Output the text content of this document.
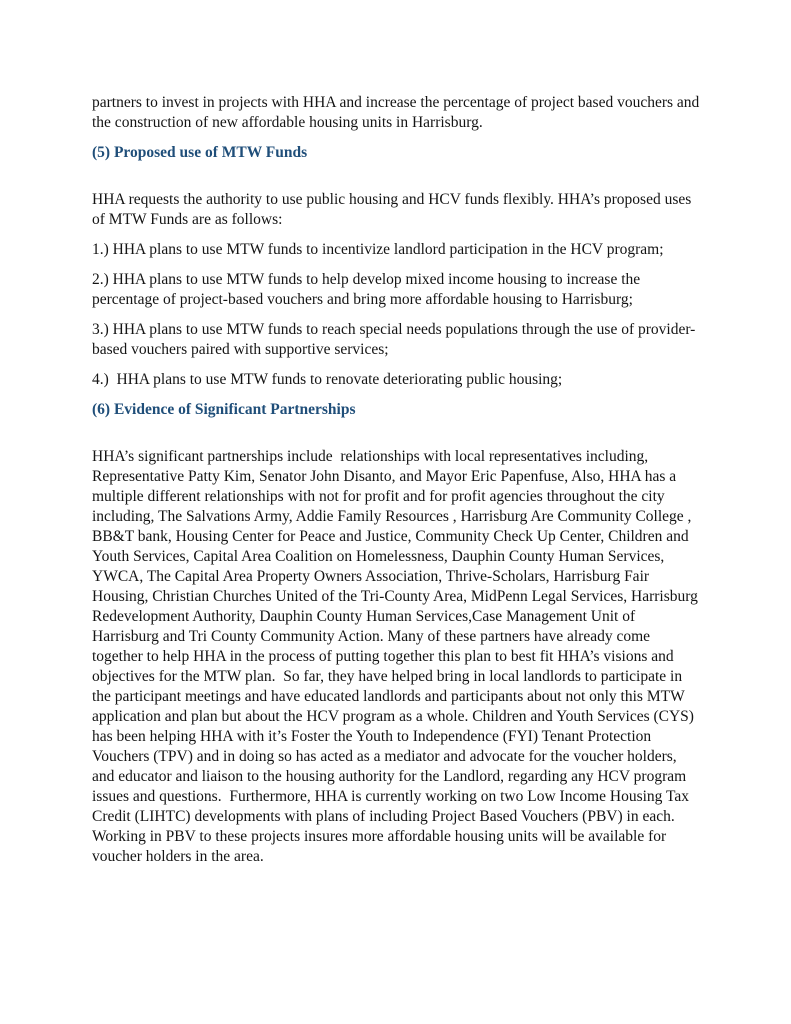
partners to invest in projects with HHA and increase the percentage of project based vouchers and the construction of new affordable housing units in Harrisburg.

(5) Proposed use of MTW Funds

HHA requests the authority to use public housing and HCV funds flexibly. HHA’s proposed uses of MTW Funds are as follows:

1.) HHA plans to use MTW funds to incentivize landlord participation in the HCV program;

2.) HHA plans to use MTW funds to help develop mixed income housing to increase the percentage of project-based vouchers and bring more affordable housing to Harrisburg;

3.) HHA plans to use MTW funds to reach special needs populations through the use of provider-based vouchers paired with supportive services;

4.)  HHA plans to use MTW funds to renovate deteriorating public housing;

(6) Evidence of Significant Partnerships

HHA’s significant partnerships include  relationships with local representatives including, Representative Patty Kim, Senator John Disanto, and Mayor Eric Papenfuse, Also, HHA has a multiple different relationships with not for profit and for profit agencies throughout the city including, The Salvations Army, Addie Family Resources , Harrisburg Are Community College , BB&T bank, Housing Center for Peace and Justice, Community Check Up Center, Children and Youth Services, Capital Area Coalition on Homelessness, Dauphin County Human Services, YWCA, The Capital Area Property Owners Association, Thrive-Scholars, Harrisburg Fair Housing, Christian Churches United of the Tri-County Area, MidPenn Legal Services, Harrisburg Redevelopment Authority, Dauphin County Human Services,Case Management Unit of Harrisburg and Tri County Community Action. Many of these partners have already come together to help HHA in the process of putting together this plan to best fit HHA’s visions and objectives for the MTW plan.  So far, they have helped bring in local landlords to participate in the participant meetings and have educated landlords and participants about not only this MTW application and plan but about the HCV program as a whole. Children and Youth Services (CYS) has been helping HHA with it’s Foster the Youth to Independence (FYI) Tenant Protection Vouchers (TPV) and in doing so has acted as a mediator and advocate for the voucher holders, and educator and liaison to the housing authority for the Landlord, regarding any HCV program issues and questions.  Furthermore, HHA is currently working on two Low Income Housing Tax Credit (LIHTC) developments with plans of including Project Based Vouchers (PBV) in each. Working in PBV to these projects insures more affordable housing units will be available for voucher holders in the area.
